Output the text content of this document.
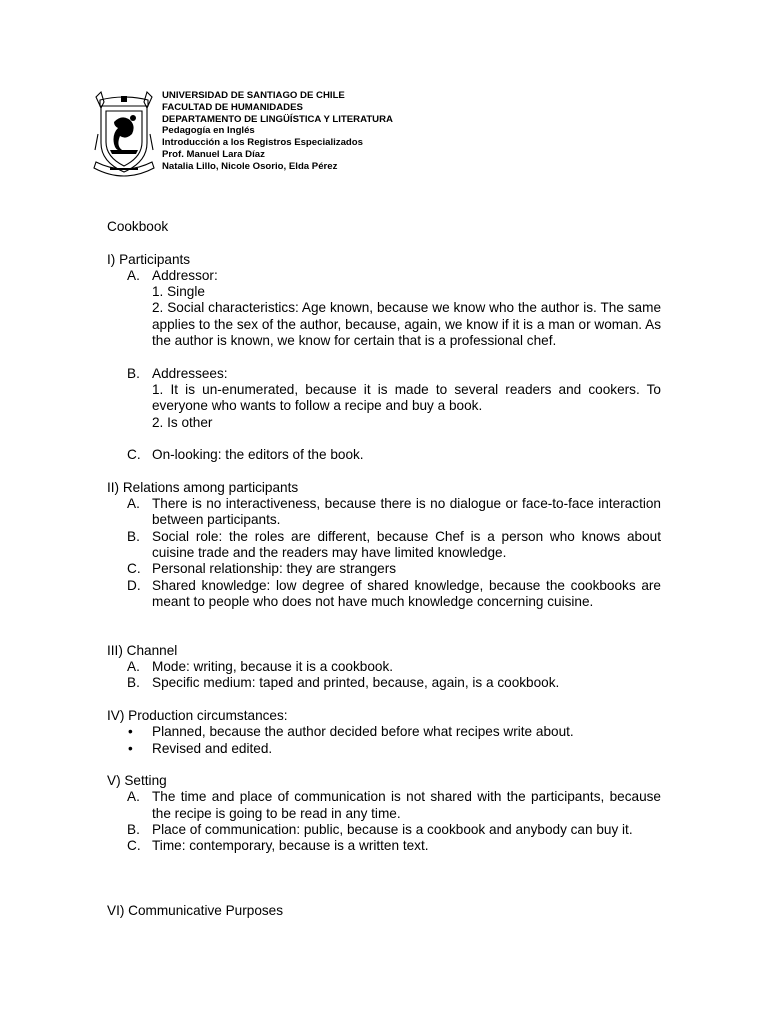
UNIVERSIDAD DE SANTIAGO DE CHILE
FACULTAD DE HUMANIDADES
DEPARTAMENTO DE LINGÜÍSTICA Y LITERATURA
Pedagogía en Inglés
Introducción a los Registros Especializados
Prof. Manuel Lara Díaz
Natalia Lillo, Nicole Osorio, Elda Pérez
Cookbook
I) Participants
A. Addressor:
1. Single
2. Social characteristics: Age known, because we know who the author is. The same applies to the sex of the author, because, again, we know if it is a man or woman. As the author is known, we know for certain that is a professional chef.
B. Addressees:
1. It is un-enumerated, because it is made to several readers and cookers. To everyone who wants to follow a recipe and buy a book.
2. Is other
C. On-looking: the editors of the book.
II) Relations among participants
A. There is no interactiveness, because there is no dialogue or face-to-face interaction between participants.
B. Social role: the roles are different, because Chef is a person who knows about cuisine trade and the readers may have limited knowledge.
C. Personal relationship: they are strangers
D. Shared knowledge: low degree of shared knowledge, because the cookbooks are meant to people who does not have much knowledge concerning cuisine.
III) Channel
A. Mode: writing, because it is a cookbook.
B. Specific medium: taped and printed, because, again, is a cookbook.
IV) Production circumstances:
•	Planned, because the author decided before what recipes write about.
•	Revised and edited.
V) Setting
A. The time and place of communication is not shared with the participants, because the recipe is going to be read in any time.
B. Place of communication: public, because is a cookbook and anybody can buy it.
C. Time: contemporary, because is a written text.
VI) Communicative Purposes
